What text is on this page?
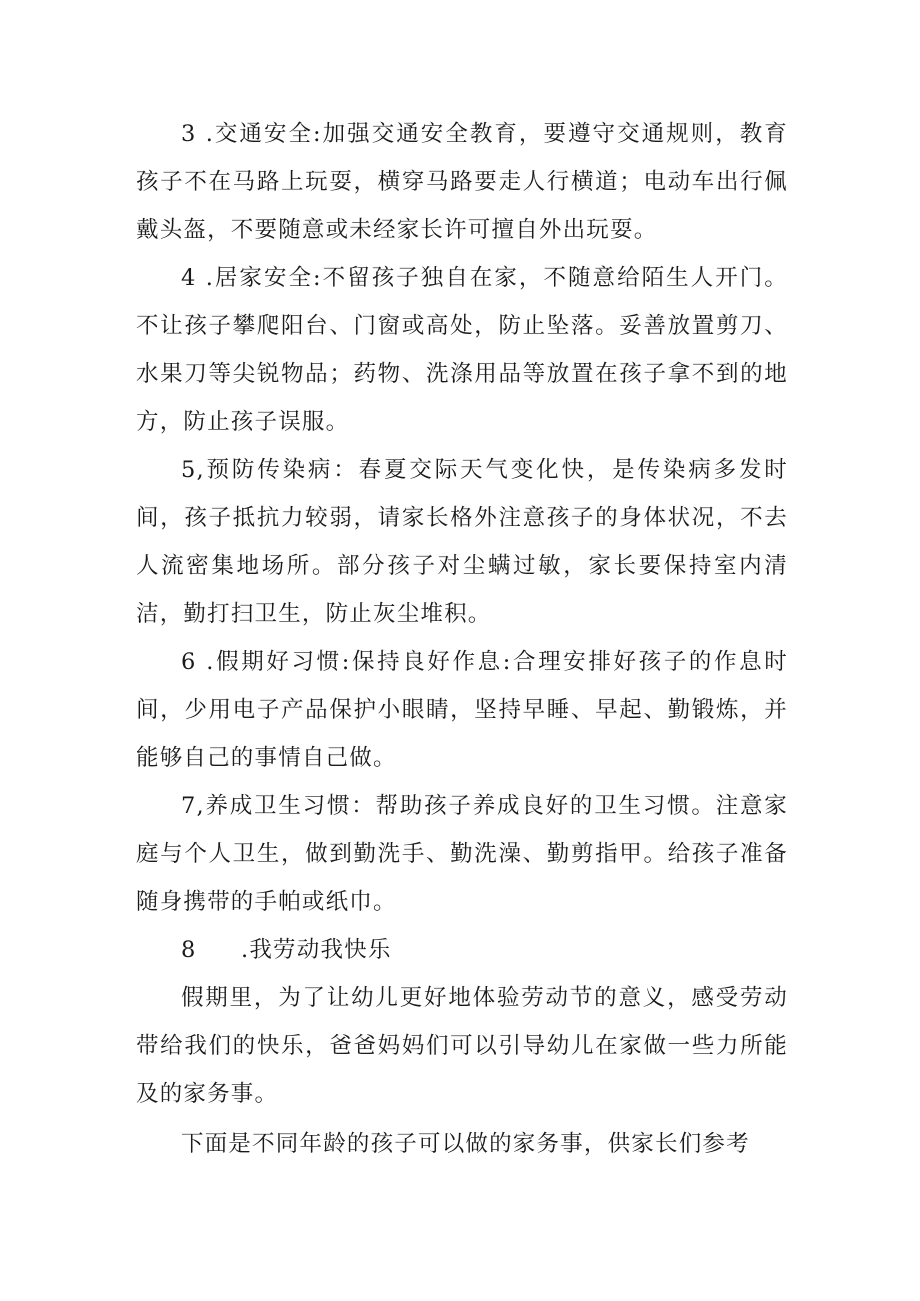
3 .交通安全:加强交通安全教育，要遵守交通规则，教育孩子不在马路上玩耍，横穿马路要走人行横道；电动车出行佩戴头盔，不要随意或未经家长许可擅自外出玩耍。

4 .居家安全:不留孩子独自在家，不随意给陌生人开门。不让孩子攀爬阳台、门窗或高处，防止坠落。妥善放置剪刀、水果刀等尖锐物品；药物、洗涤用品等放置在孩子拿不到的地方，防止孩子误服。

5,预防传染病：春夏交际天气变化快，是传染病多发时间，孩子抵抗力较弱，请家长格外注意孩子的身体状况，不去人流密集地场所。部分孩子对尘螨过敏，家长要保持室内清洁，勤打扫卫生，防止灰尘堆积。

6 .假期好习惯:保持良好作息:合理安排好孩子的作息时间，少用电子产品保护小眼睛，坚持早睡、早起、勤锻炼，并能够自己的事情自己做。

7,养成卫生习惯：帮助孩子养成良好的卫生习惯。注意家庭与个人卫生，做到勤洗手、勤洗澡、勤剪指甲。给孩子准备随身携带的手帕或纸巾。

8 .我劳动我快乐

假期里，为了让幼儿更好地体验劳动节的意义，感受劳动带给我们的快乐，爸爸妈妈们可以引导幼儿在家做一些力所能及的家务事。

下面是不同年龄的孩子可以做的家务事，供家长们参考
